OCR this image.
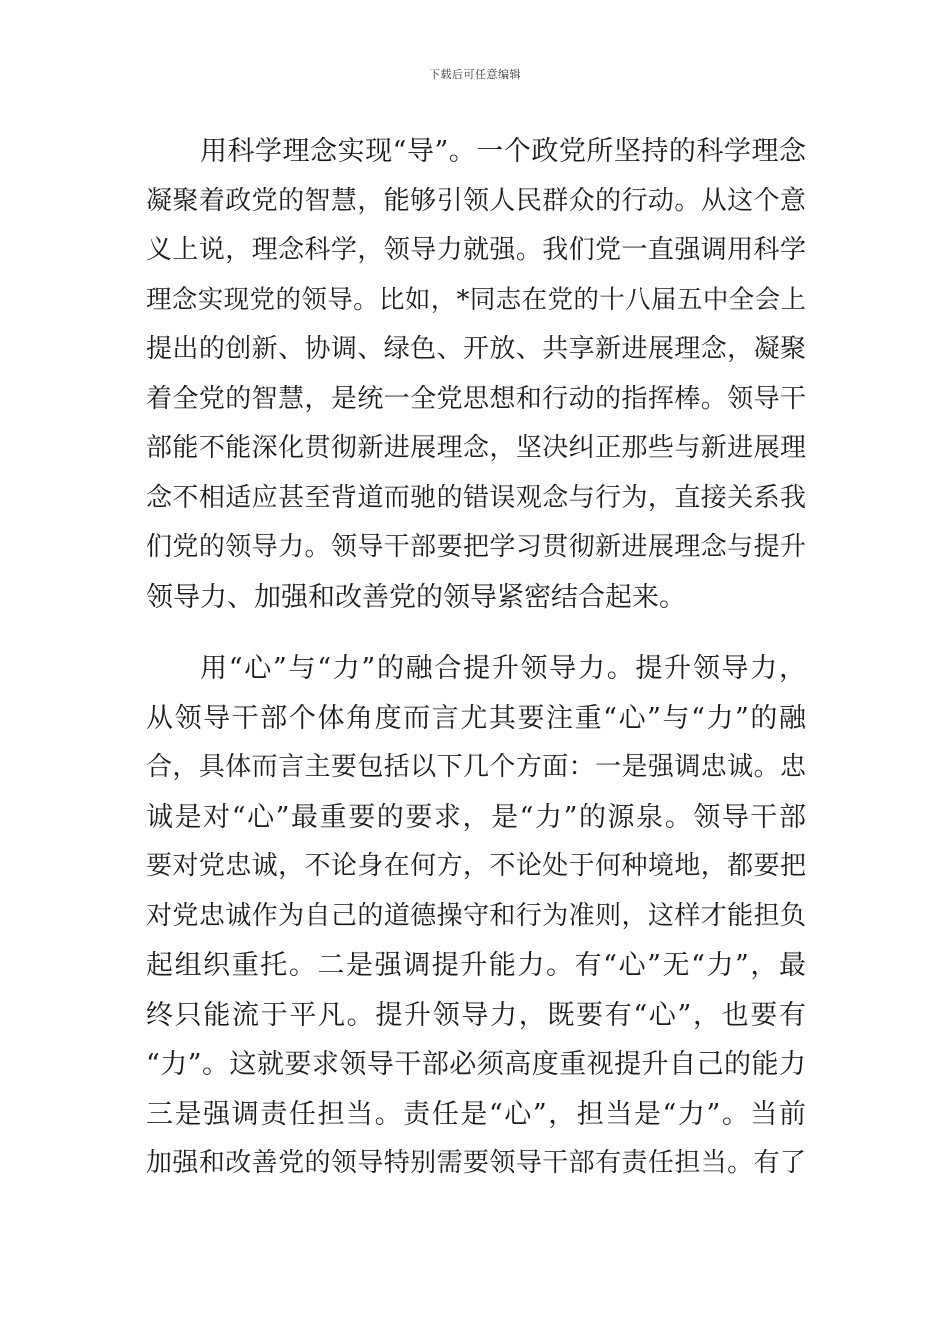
下载后可任意编辑
用科学理念实现“导”。一个政党所坚持的科学理念
凝聚着政党的智慧，能够引领人民群众的行动。从这个意
义上说，理念科学，领导力就强。我们党一直强调用科学
理念实现党的领导。比如，*同志在党的十八届五中全会上
提出的创新、协调、绿色、开放、共享新进展理念，凝聚
着全党的智慧，是统一全党思想和行动的指挥棒。领导干
部能不能深化贯彻新进展理念，坚决纠正那些与新进展理
念不相适应甚至背道而驰的错误观念与行为，直接关系我
们党的领导力。领导干部要把学习贯彻新进展理念与提升
领导力、加强和改善党的领导紧密结合起来。
用“心”与“力”的融合提升领导力。提升领导力，
从领导干部个体角度而言尤其要注重“心”与“力”的融
合，具体而言主要包括以下几个方面：一是强调忠诚。忠
诚是对“心”最重要的要求，是“力”的源泉。领导干部
要对党忠诚，不论身在何方，不论处于何种境地，都要把
对党忠诚作为自己的道德操守和行为准则，这样才能担负
起组织重托。二是强调提升能力。有“心”无“力”，最
终只能流于平凡。提升领导力，既要有“心”，也要有
“力”。这就要求领导干部必须高度重视提升自己的能力
三是强调责任担当。责任是“心”，担当是“力”。当前
加强和改善党的领导特别需要领导干部有责任担当。有了
